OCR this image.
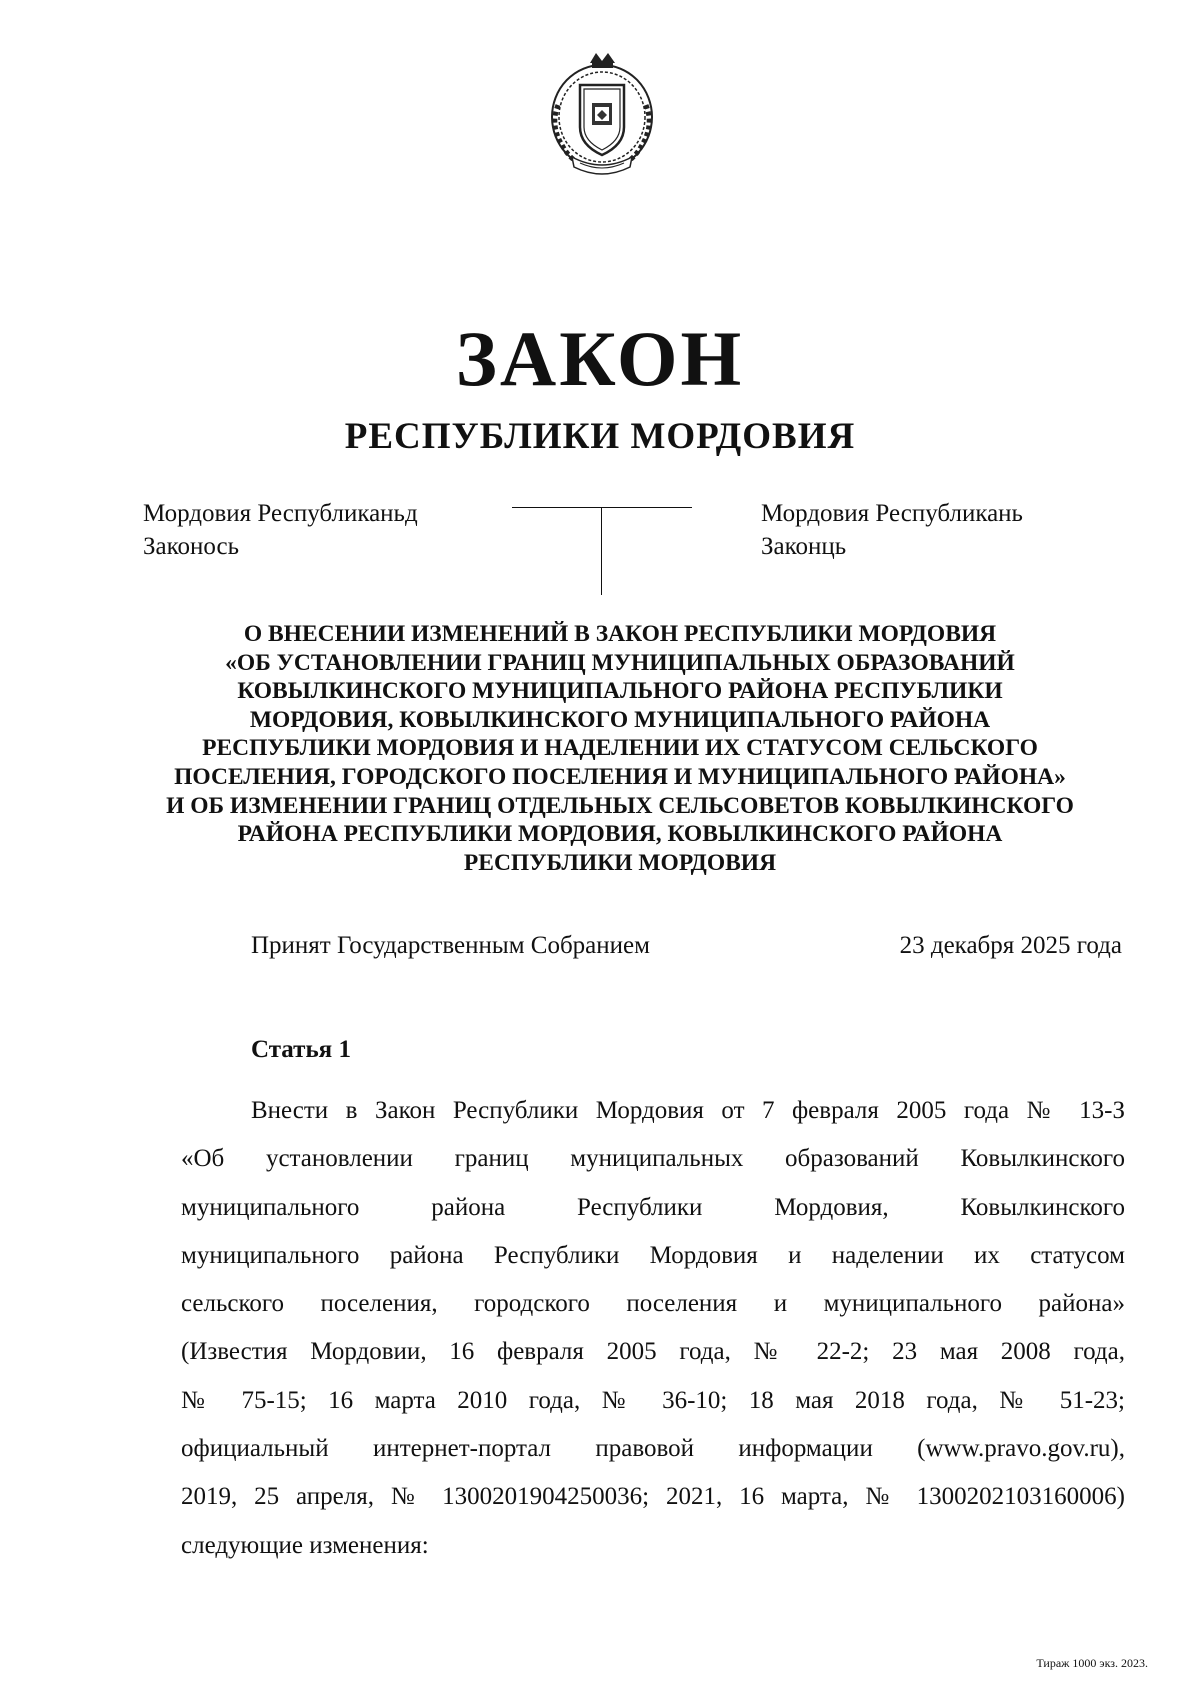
ЗАКОН
РЕСПУБЛИКИ МОРДОВИЯ
Мордовия Республиканьд
Законось
Мордовия Республикань
Законць
О ВНЕСЕНИИ ИЗМЕНЕНИЙ В ЗАКОН РЕСПУБЛИКИ МОРДОВИЯ
«ОБ УСТАНОВЛЕНИИ ГРАНИЦ МУНИЦИПАЛЬНЫХ ОБРАЗОВАНИЙ
КОВЫЛКИНСКОГО МУНИЦИПАЛЬНОГО РАЙОНА РЕСПУБЛИКИ
МОРДОВИЯ, КОВЫЛКИНСКОГО МУНИЦИПАЛЬНОГО РАЙОНА
РЕСПУБЛИКИ МОРДОВИЯ И НАДЕЛЕНИИ ИХ СТАТУСОМ СЕЛЬСКОГО
ПОСЕЛЕНИЯ, ГОРОДСКОГО ПОСЕЛЕНИЯ И МУНИЦИПАЛЬНОГО РАЙОНА»
И ОБ ИЗМЕНЕНИИ ГРАНИЦ ОТДЕЛЬНЫХ СЕЛЬСОВЕТОВ КОВЫЛКИНСКОГО
РАЙОНА РЕСПУБЛИКИ МОРДОВИЯ, КОВЫЛКИНСКОГО РАЙОНА
РЕСПУБЛИКИ МОРДОВИЯ
Принят Государственным Собранием	23 декабря 2025 года
Статья 1
Внести в Закон Республики Мордовия от 7 февраля 2005 года № 13-З
«Об установлении границ муниципальных образований Ковылкинского
муниципального района Республики Мордовия, Ковылкинского
муниципального района Республики Мордовия и наделении их статусом
сельского поселения, городского поселения и муниципального района»
(Известия Мордовии, 16 февраля 2005 года, № 22-2; 23 мая 2008 года,
№ 75-15; 16 марта 2010 года, № 36-10; 18 мая 2018 года, № 51-23;
официальный интернет-портал правовой информации (www.pravo.gov.ru),
2019, 25 апреля, № 1300201904250036; 2021, 16 марта, № 1300202103160006)
следующие изменения:
Тираж 1000 экз. 2023.
